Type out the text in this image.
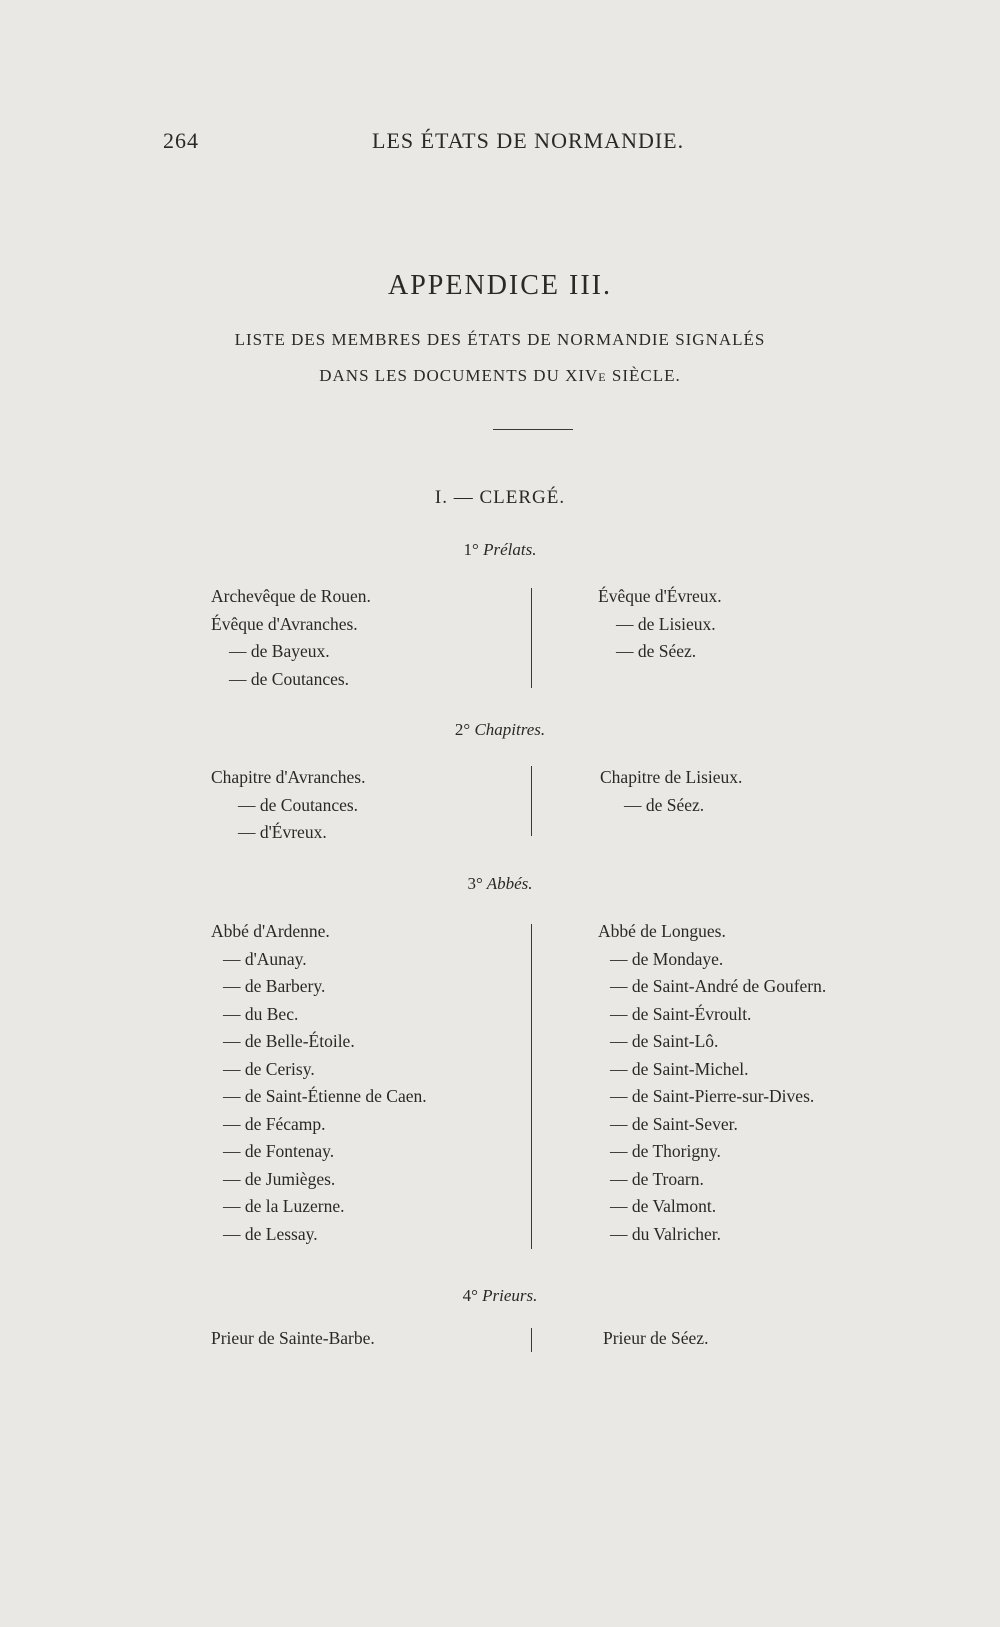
264	LES ÉTATS DE NORMANDIE.
APPENDICE III.
LISTE DES MEMBRES DES ÉTATS DE NORMANDIE SIGNALÉS
DANS LES DOCUMENTS DU XIVe SIÈCLE.
I. — CLERGÉ.
1° Prélats.
Archevêque de Rouen.
Évêque d'Avranches.
— de Bayeux.
— de Coutances.
Évêque d'Évreux.
— de Lisieux.
— de Séez.
2° Chapitres.
Chapitre d'Avranches.
— de Coutances.
— d'Évreux.
Chapitre de Lisieux.
— de Séez.
3° Abbés.
Abbé d'Ardenne.
— d'Aunay.
— de Barbery.
— du Bec.
— de Belle-Étoile.
— de Cerisy.
— de Saint-Étienne de Caen.
— de Fécamp.
— de Fontenay.
— de Jumièges.
— de la Luzerne.
— de Lessay.
Abbé de Longues.
— de Mondaye.
— de Saint-André de Goufern.
— de Saint-Évroult.
— de Saint-Lô.
— de Saint-Michel.
— de Saint-Pierre-sur-Dives.
— de Saint-Sever.
— de Thorigny.
— de Troarn.
— de Valmont.
— du Valricher.
4° Prieurs.
Prieur de Sainte-Barbe.	Prieur de Séez.
